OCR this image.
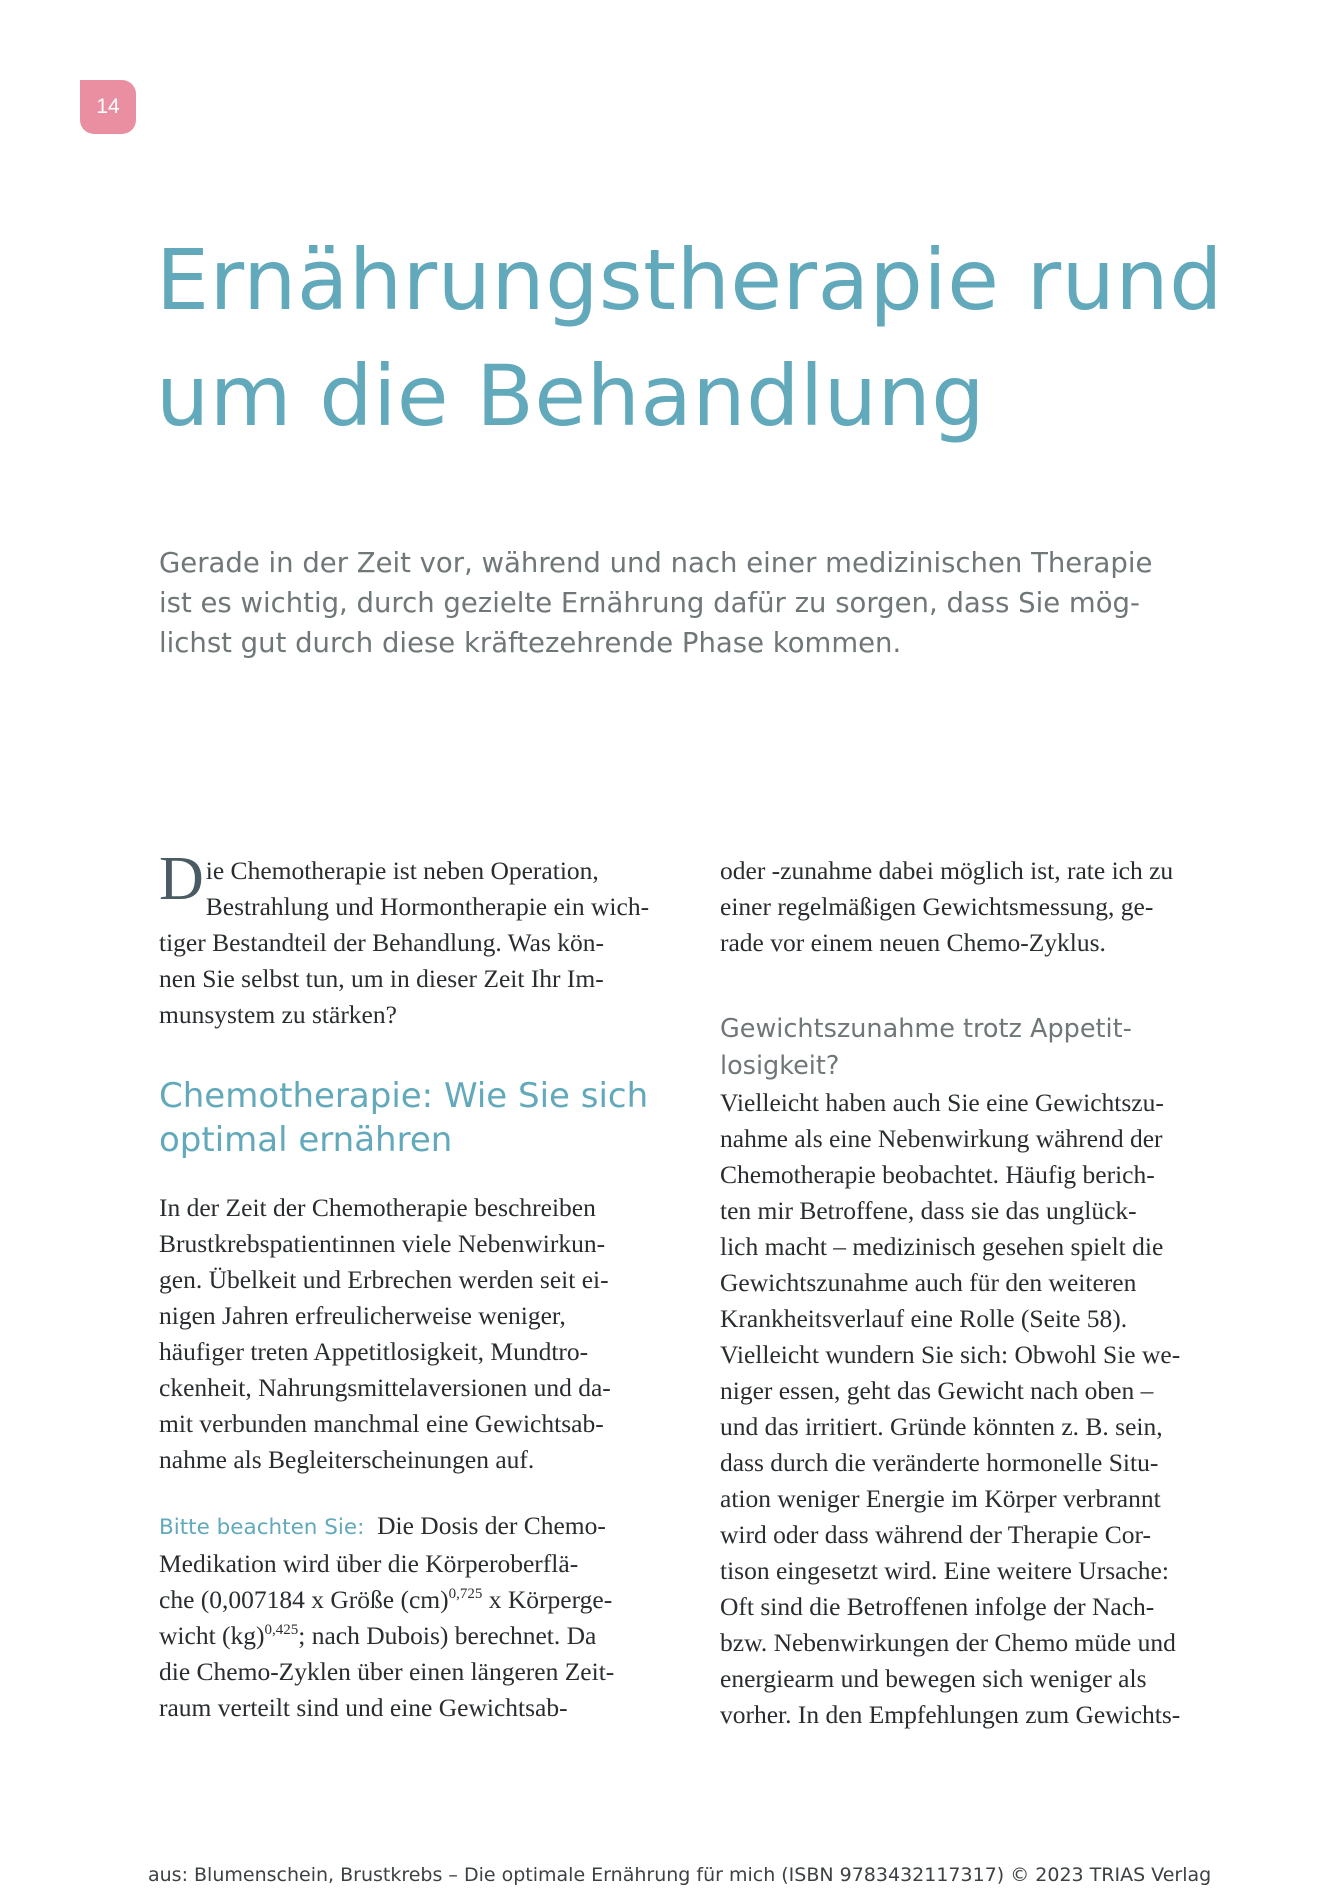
14
Ernährungstherapie rund
um die Behandlung

Gerade in der Zeit vor, während und nach einer medizinischen Therapie
ist es wichtig, durch gezielte Ernährung dafür zu sorgen, dass Sie mög-
lichst gut durch diese kräftezehrende Phase kommen.

D ie Chemotherapie ist neben Operation,
Bestrahlung und Hormontherapie ein wich-
tiger Bestandteil der Behandlung. Was kön-
nen Sie selbst tun, um in dieser Zeit Ihr Im-
munsystem zu stärken?

Chemotherapie: Wie Sie sich
optimal ernähren

In der Zeit der Chemotherapie beschreiben
Brustkrebspatientinnen viele Nebenwirkun-
gen. Übelkeit und Erbrechen werden seit ei-
nigen Jahren erfreulicherweise weniger,
häufiger treten Appetitlosigkeit, Mundtro-
ckenheit, Nahrungsmittelaversionen und da-
mit verbunden manchmal eine Gewichtsab-
nahme als Begleiterscheinungen auf.

Bitte beachten Sie: Die Dosis der Chemo-
Medikation wird über die Körperoberflä-
che (0,007184 x Größe (cm)$^{0,725}$ x Körperge-
wicht (kg)$^{0,425}$; nach Dubois) berechnet. Da
die Chemo-Zyklen über einen längeren Zeit-
raum verteilt sind und eine Gewichtsab-

oder -zunahme dabei möglich ist, rate ich zu
einer regelmäßigen Gewichtsmessung, ge-
rade vor einem neuen Chemo-Zyklus.

Gewichtszunahme trotz Appetit-
losigkeit?

Vielleicht haben auch Sie eine Gewichtszu-
nahme als eine Nebenwirkung während der
Chemotherapie beobachtet. Häufig berich-
ten mir Betroffene, dass sie das unglück-
lich macht – medizinisch gesehen spielt die
Gewichtszunahme auch für den weiteren
Krankheitsverlauf eine Rolle (Seite 58).
Vielleicht wundern Sie sich: Obwohl Sie we-
niger essen, geht das Gewicht nach oben –
und das irritiert. Gründe könnten z. B. sein,
dass durch die veränderte hormonelle Situ-
ation weniger Energie im Körper verbrannt
wird oder dass während der Therapie Cor-
tison eingesetzt wird. Eine weitere Ursache:
Oft sind die Betroffenen infolge der Nach-
bzw. Nebenwirkungen der Chemo müde und
energiearm und bewegen sich weniger als
vorher. In den Empfehlungen zum Gewichts-

aus: Blumenschein, Brustkrebs – Die optimale Ernährung für mich (ISBN 9783432117317) © 2023 TRIAS Verlag
